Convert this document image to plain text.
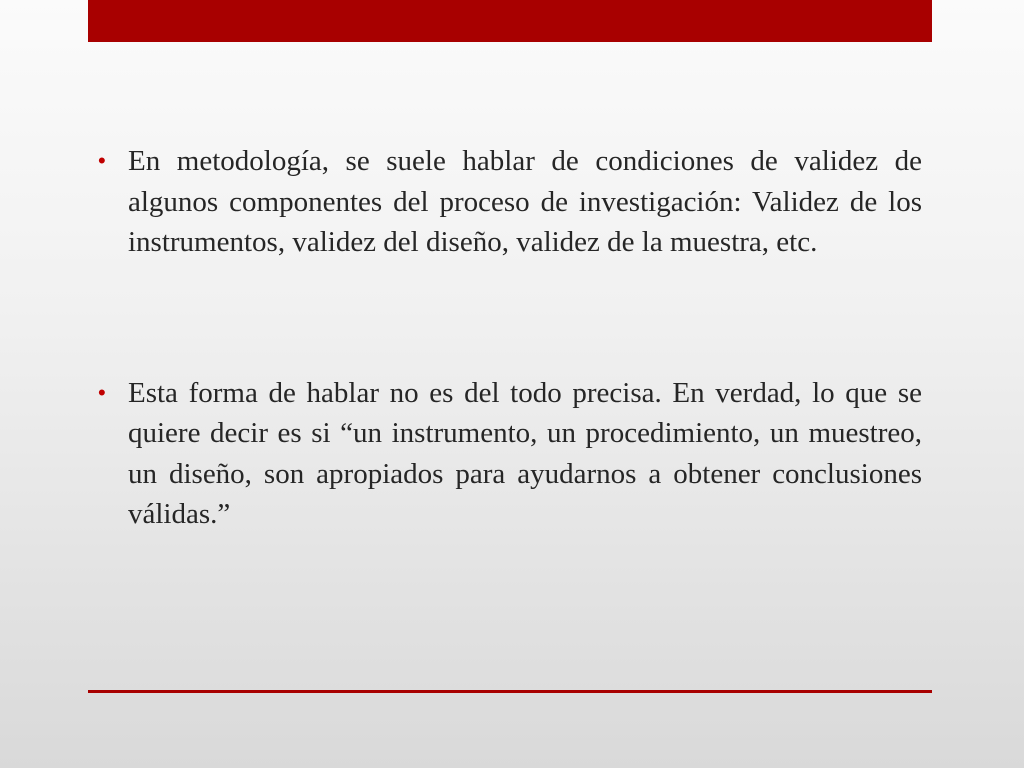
• En metodología, se suele hablar de condiciones de validez de algunos componentes del proceso de investigación: Validez de los instrumentos, validez del diseño, validez de la muestra, etc.

• Esta forma de hablar no es del todo precisa. En verdad, lo que se quiere decir es si “un instrumento, un procedimiento, un muestreo, un diseño, son apropiados para ayudarnos a obtener conclusiones válidas.”
